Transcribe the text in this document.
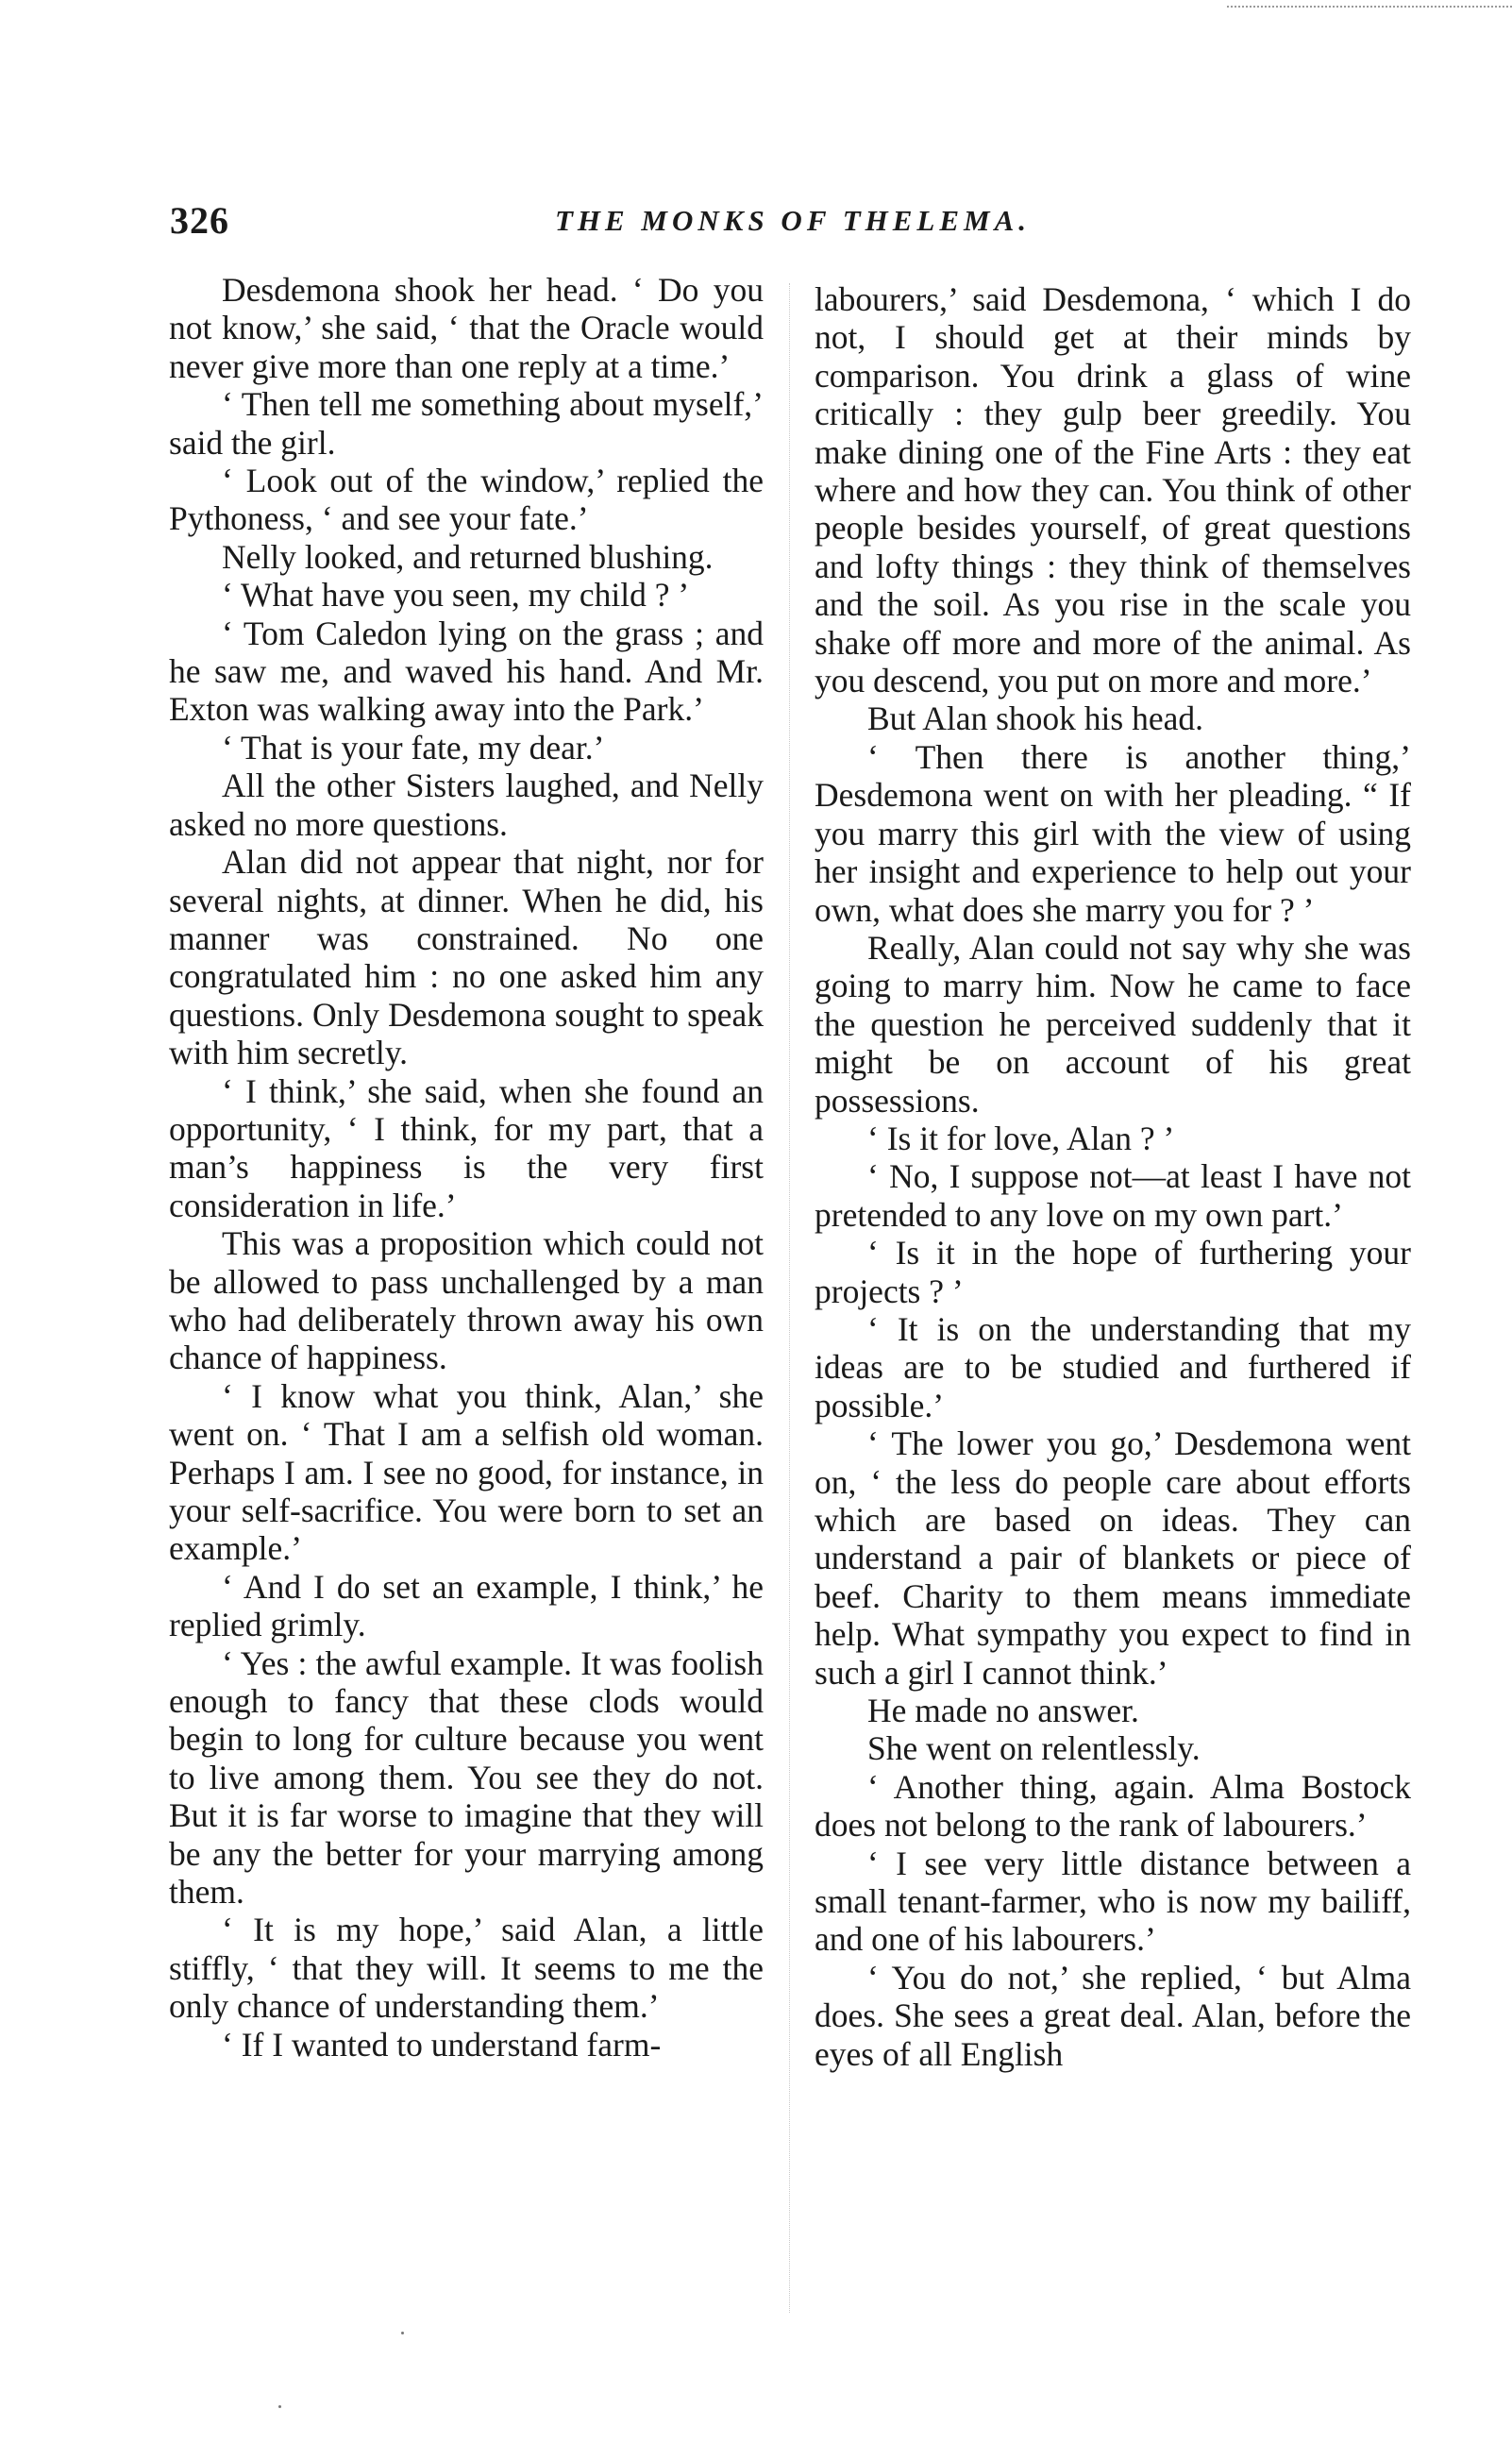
326	THE MONKS OF THELEMA.

Desdemona shook her head. ‘ Do you not know,’ she said, ‘ that the Oracle would never give more than one reply at a time.’

‘ Then tell me something about myself,’ said the girl.

‘ Look out of the window,’ replied the Pythoness, ‘ and see your fate.’

Nelly looked, and returned blushing.

‘ What have you seen, my child ? ’

‘ Tom Caledon lying on the grass ; and he saw me, and waved his hand. And Mr. Exton was walking away into the Park.’

‘ That is your fate, my dear.’

All the other Sisters laughed, and Nelly asked no more questions.

Alan did not appear that night, nor for several nights, at dinner. When he did, his manner was constrained. No one congratulated him : no one asked him any questions. Only Desdemona sought to speak with him secretly.

‘ I think,’ she said, when she found an opportunity, ‘ I think, for my part, that a man’s happiness is the very first consideration in life.’

This was a proposition which could not be allowed to pass unchallenged by a man who had deliberately thrown away his own chance of happiness.

‘ I know what you think, Alan,’ she went on. ‘ That I am a selfish old woman. Perhaps I am. I see no good, for instance, in your self-sacrifice. You were born to set an example.’

‘ And I do set an example, I think,’ he replied grimly.

‘ Yes : the awful example. It was foolish enough to fancy that these clods would begin to long for culture because you went to live among them. You see they do not. But it is far worse to imagine that they will be any the better for your marrying among them.

‘ It is my hope,’ said Alan, a little stiffly, ‘ that they will. It seems to me the only chance of understanding them.’

‘ If I wanted to understand farm-

labourers,’ said Desdemona, ‘ which I do not, I should get at their minds by comparison. You drink a glass of wine critically : they gulp beer greedily. You make dining one of the Fine Arts : they eat where and how they can. You think of other people besides yourself, of great questions and lofty things : they think of themselves and the soil. As you rise in the scale you shake off more and more of the animal. As you descend, you put on more and more.’

But Alan shook his head.

‘ Then there is another thing,’ Desdemona went on with her pleading. “ If you marry this girl with the view of using her insight and experience to help out your own, what does she marry you for ? ’

Really, Alan could not say why she was going to marry him. Now he came to face the question he perceived suddenly that it might be on account of his great possessions.

‘ Is it for love, Alan ? ’

‘ No, I suppose not—at least I have not pretended to any love on my own part.’

‘ Is it in the hope of furthering your projects ? ’

‘ It is on the understanding that my ideas are to be studied and furthered if possible.’

‘ The lower you go,’ Desdemona went on, ‘ the less do people care about efforts which are based on ideas. They can understand a pair of blankets or piece of beef. Charity to them means immediate help. What sympathy you expect to find in such a girl I cannot think.’

He made no answer.

She went on relentlessly.

‘ Another thing, again. Alma Bostock does not belong to the rank of labourers.’

‘ I see very little distance between a small tenant-farmer, who is now my bailiff, and one of his labourers.’

‘ You do not,’ she replied, ‘ but Alma does. She sees a great deal. Alan, before the eyes of all English
